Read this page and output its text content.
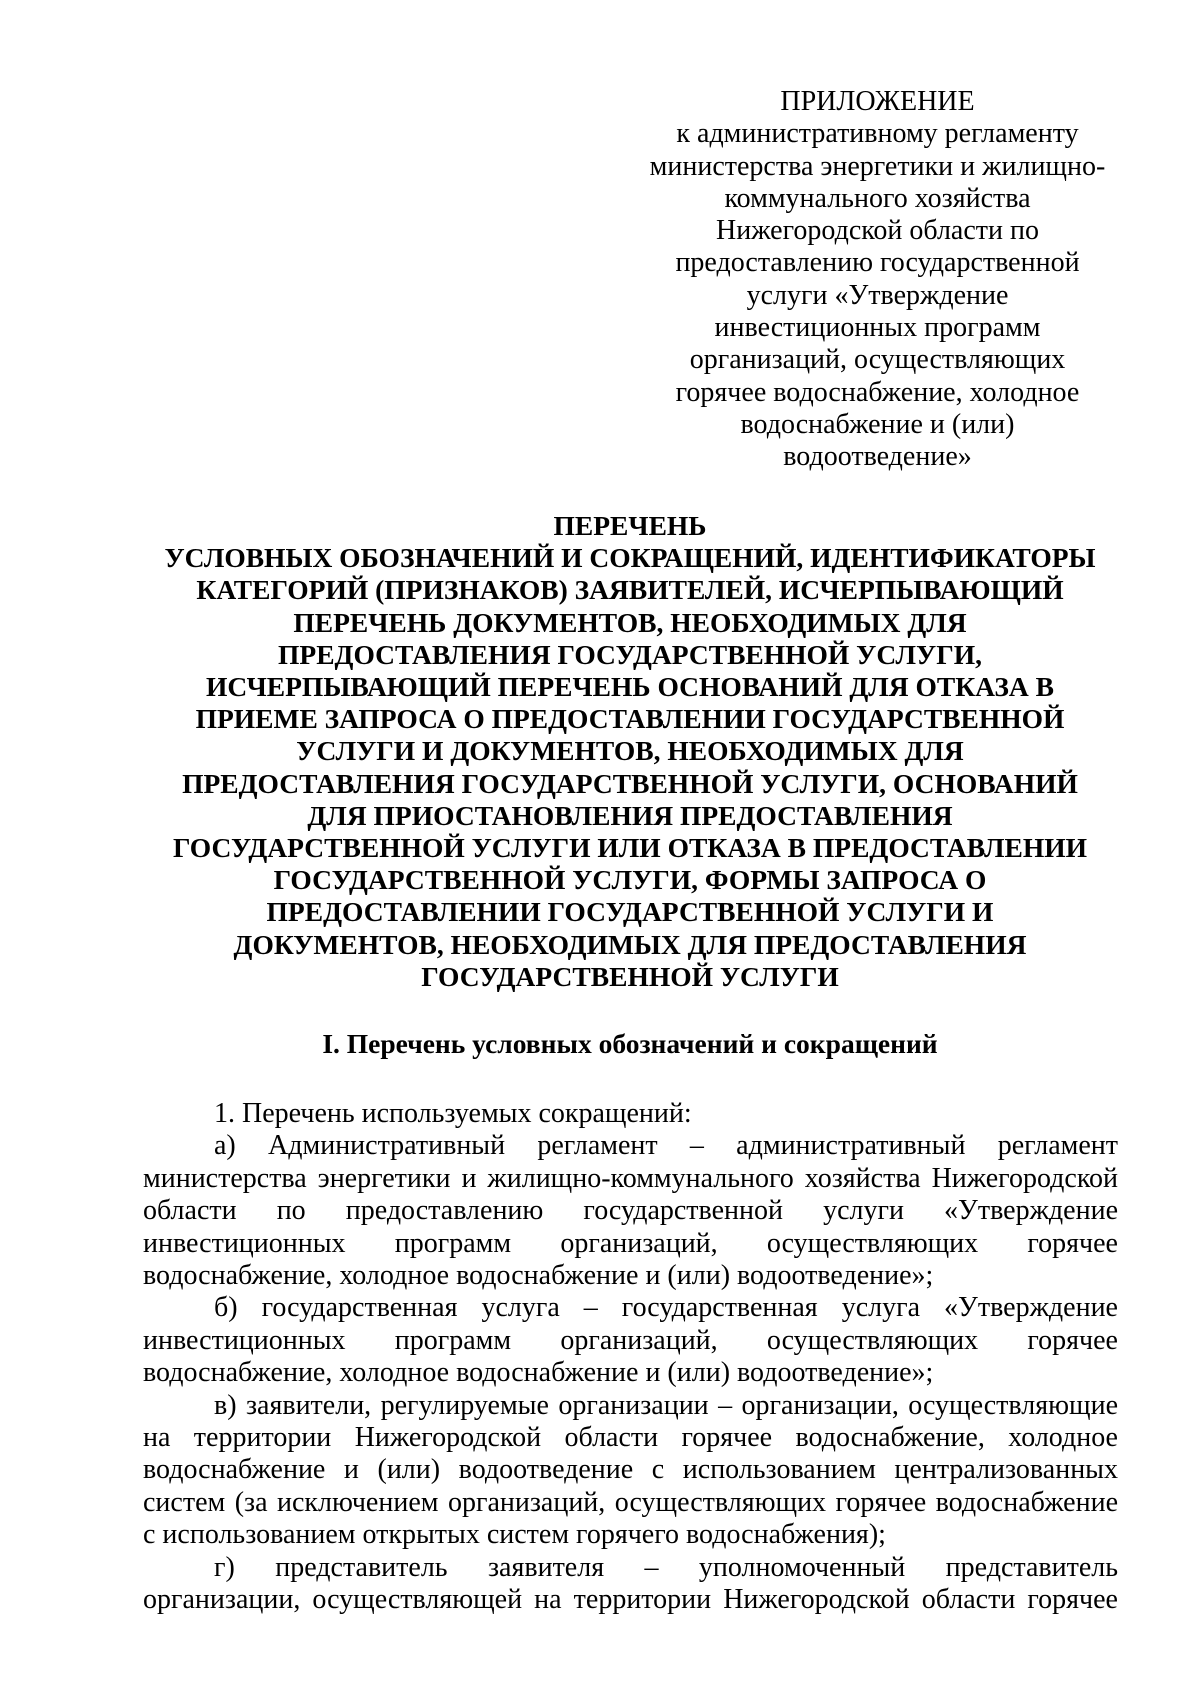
ПРИЛОЖЕНИЕ
к административному регламенту
министерства энергетики и жилищно-
коммунального хозяйства
Нижегородской области по
предоставлению государственной
услуги «Утверждение
инвестиционных программ
организаций, осуществляющих
горячее водоснабжение, холодное
водоснабжение и (или)
водоотведение»
ПЕРЕЧЕНЬ
УСЛОВНЫХ ОБОЗНАЧЕНИЙ И СОКРАЩЕНИЙ, ИДЕНТИФИКАТОРЫ
КАТЕГОРИЙ (ПРИЗНАКОВ) ЗАЯВИТЕЛЕЙ, ИСЧЕРПЫВАЮЩИЙ
ПЕРЕЧЕНЬ ДОКУМЕНТОВ, НЕОБХОДИМЫХ ДЛЯ
ПРЕДОСТАВЛЕНИЯ ГОСУДАРСТВЕННОЙ УСЛУГИ,
ИСЧЕРПЫВАЮЩИЙ ПЕРЕЧЕНЬ ОСНОВАНИЙ ДЛЯ ОТКАЗА В
ПРИЕМЕ ЗАПРОСА О ПРЕДОСТАВЛЕНИИ ГОСУДАРСТВЕННОЙ
УСЛУГИ И ДОКУМЕНТОВ, НЕОБХОДИМЫХ ДЛЯ
ПРЕДОСТАВЛЕНИЯ ГОСУДАРСТВЕННОЙ УСЛУГИ, ОСНОВАНИЙ
ДЛЯ ПРИОСТАНОВЛЕНИЯ ПРЕДОСТАВЛЕНИЯ
ГОСУДАРСТВЕННОЙ УСЛУГИ ИЛИ ОТКАЗА В ПРЕДОСТАВЛЕНИИ
ГОСУДАРСТВЕННОЙ УСЛУГИ, ФОРМЫ ЗАПРОСА О
ПРЕДОСТАВЛЕНИИ ГОСУДАРСТВЕННОЙ УСЛУГИ И
ДОКУМЕНТОВ, НЕОБХОДИМЫХ ДЛЯ ПРЕДОСТАВЛЕНИЯ
ГОСУДАРСТВЕННОЙ УСЛУГИ
I. Перечень условных обозначений и сокращений
1. Перечень используемых сокращений:
а) Административный регламент – административный регламент
министерства энергетики и жилищно-коммунального хозяйства Нижегородской
области по предоставлению государственной услуги «Утверждение
инвестиционных программ организаций, осуществляющих горячее
водоснабжение, холодное водоснабжение и (или) водоотведение»;
б) государственная услуга – государственная услуга «Утверждение
инвестиционных программ организаций, осуществляющих горячее
водоснабжение, холодное водоснабжение и (или) водоотведение»;
в) заявители, регулируемые организации – организации, осуществляющие
на территории Нижегородской области горячее водоснабжение, холодное
водоснабжение и (или) водоотведение с использованием централизованных
систем (за исключением организаций, осуществляющих горячее водоснабжение
с использованием открытых систем горячего водоснабжения);
г) представитель заявителя – уполномоченный представитель
организации, осуществляющей на территории Нижегородской области горячее
